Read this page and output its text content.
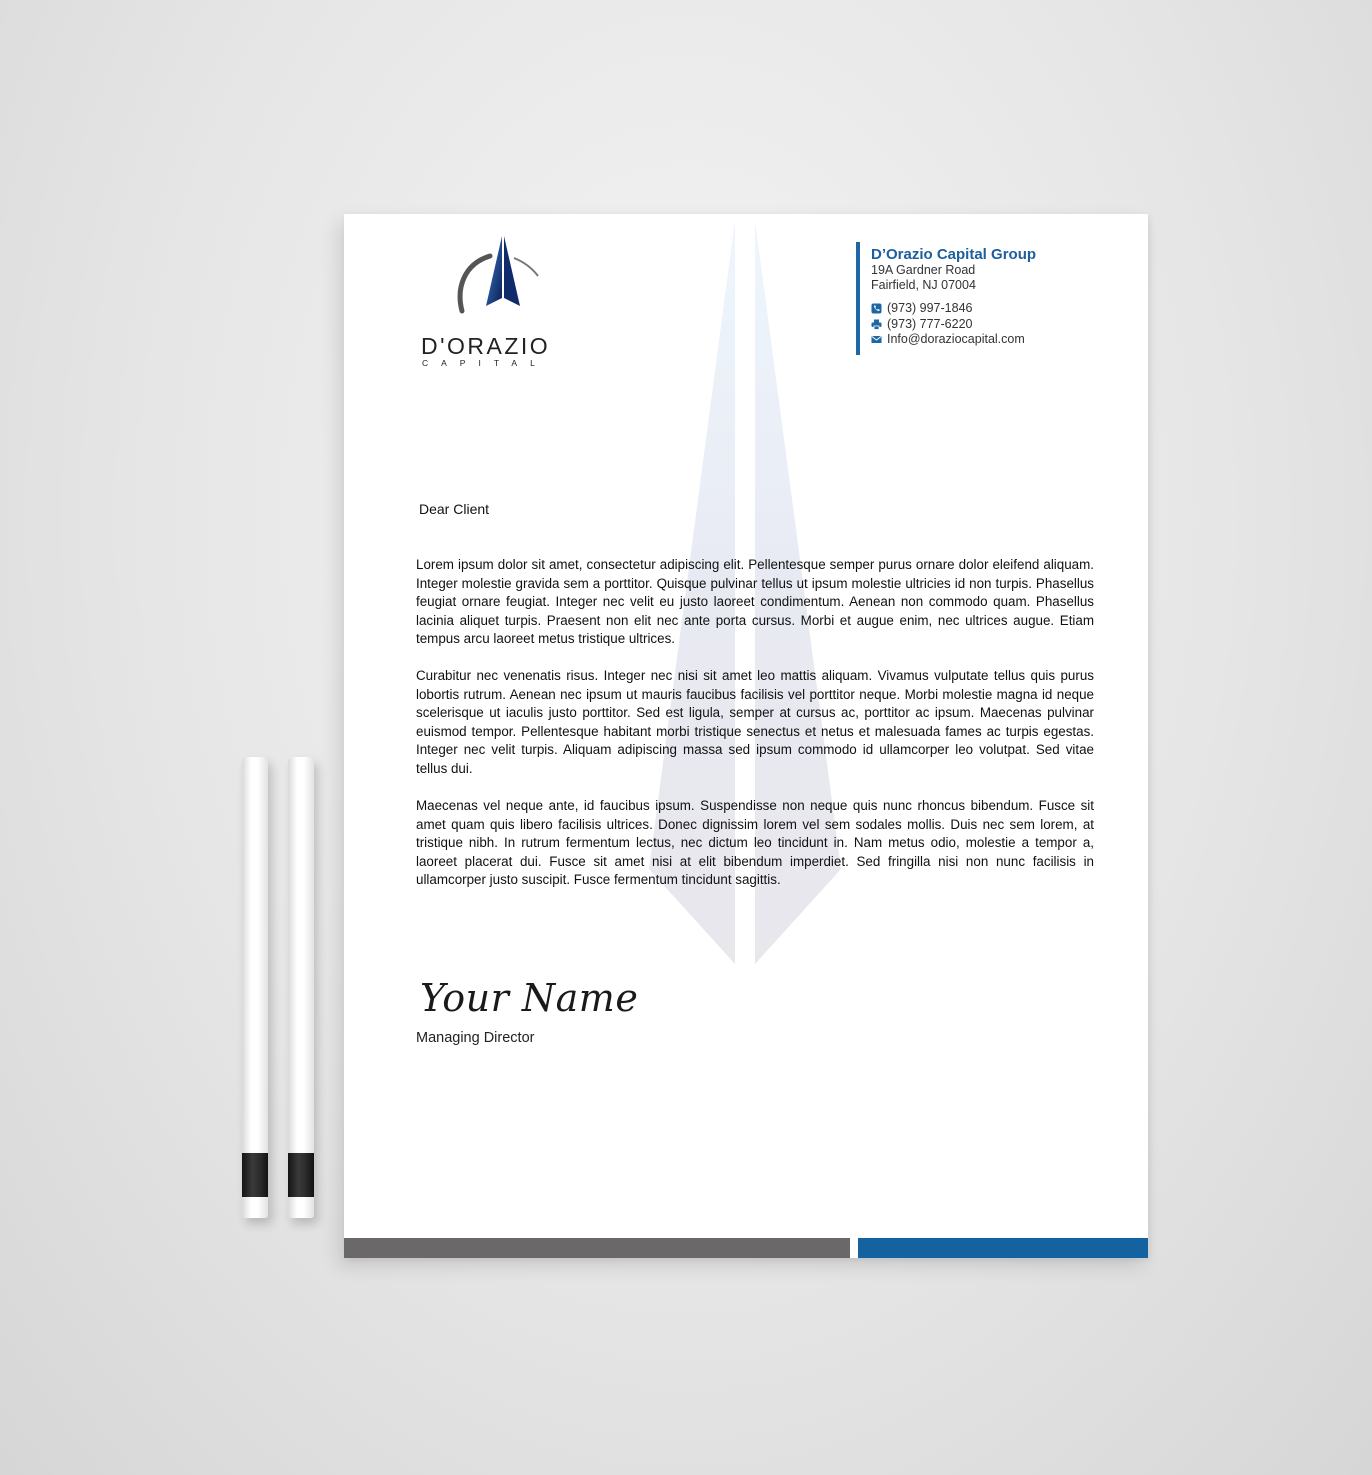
D'ORAZIO
CAPITAL
D’Orazio Capital Group
19A Gardner Road
Fairfield, NJ 07004
(973) 997-1846
(973) 777-6220
Info@doraziocapital.com
Dear Client
Lorem ipsum dolor sit amet, consectetur adipiscing elit. Pellentesque semper purus ornare dolor eleifend aliquam. Integer molestie gravida sem a porttitor. Quisque pulvinar tellus ut ipsum molestie ultricies id non turpis. Phasellus feugiat ornare feugiat. Integer nec velit eu justo laoreet condimentum. Aenean non commodo quam. Phasellus lacinia aliquet turpis. Praesent non elit nec ante porta cursus. Morbi et augue enim, nec ultrices augue. Etiam tempus arcu laoreet metus tristique ultrices.
Curabitur nec venenatis risus. Integer nec nisi sit amet leo mattis aliquam. Vivamus vulputate tellus quis purus lobortis rutrum. Aenean nec ipsum ut mauris faucibus facilisis vel porttitor neque. Morbi molestie magna id neque scelerisque ut iaculis justo porttitor. Sed est ligula, semper at cursus ac, porttitor ac ipsum. Maecenas pulvinar euismod tempor. Pellentesque habitant morbi tristique senectus et netus et malesuada fames ac turpis egestas. Integer nec velit turpis. Aliquam adipiscing massa sed ipsum commodo id ullamcorper leo volutpat. Sed vitae tellus dui.
Maecenas vel neque ante, id faucibus ipsum. Suspendisse non neque quis nunc rhoncus bibendum. Fusce sit amet quam quis libero facilisis ultrices. Donec dignissim lorem vel sem sodales mollis. Duis nec sem lorem, at tristique nibh. In rutrum fermentum lectus, nec dictum leo tincidunt in. Nam metus odio, molestie a tempor a, laoreet placerat dui. Fusce sit amet nisi at elit bibendum imperdiet. Sed fringilla nisi non nunc facilisis in ullamcorper justo suscipit. Fusce fermentum tincidunt sagittis.
Your Name
Managing Director
